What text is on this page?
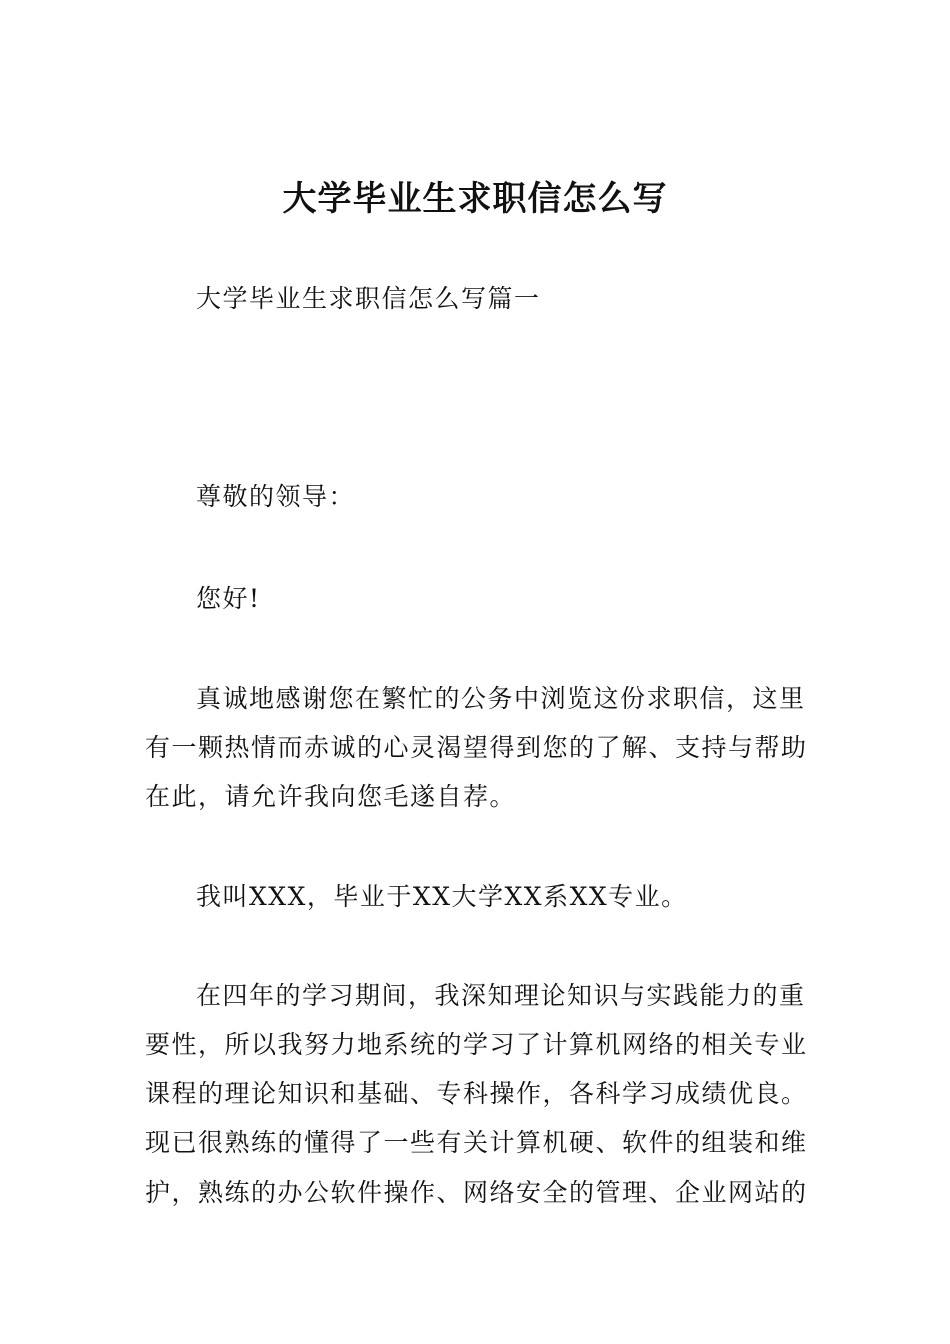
大学毕业生求职信怎么写
大学毕业生求职信怎么写篇一
尊敬的领导：
您好!
真诚地感谢您在繁忙的公务中浏览这份求职信，这里
有一颗热情而赤诚的心灵渴望得到您的了解、支持与帮助
在此，请允许我向您毛遂自荐。
我叫XXX，毕业于XX大学XX系XX专业。
在四年的学习期间，我深知理论知识与实践能力的重
要性，所以我努力地系统的学习了计算机网络的相关专业
课程的理论知识和基础、专科操作，各科学习成绩优良。
现已很熟练的懂得了一些有关计算机硬、软件的组装和维
护，熟练的办公软件操作、网络安全的管理、企业网站的
